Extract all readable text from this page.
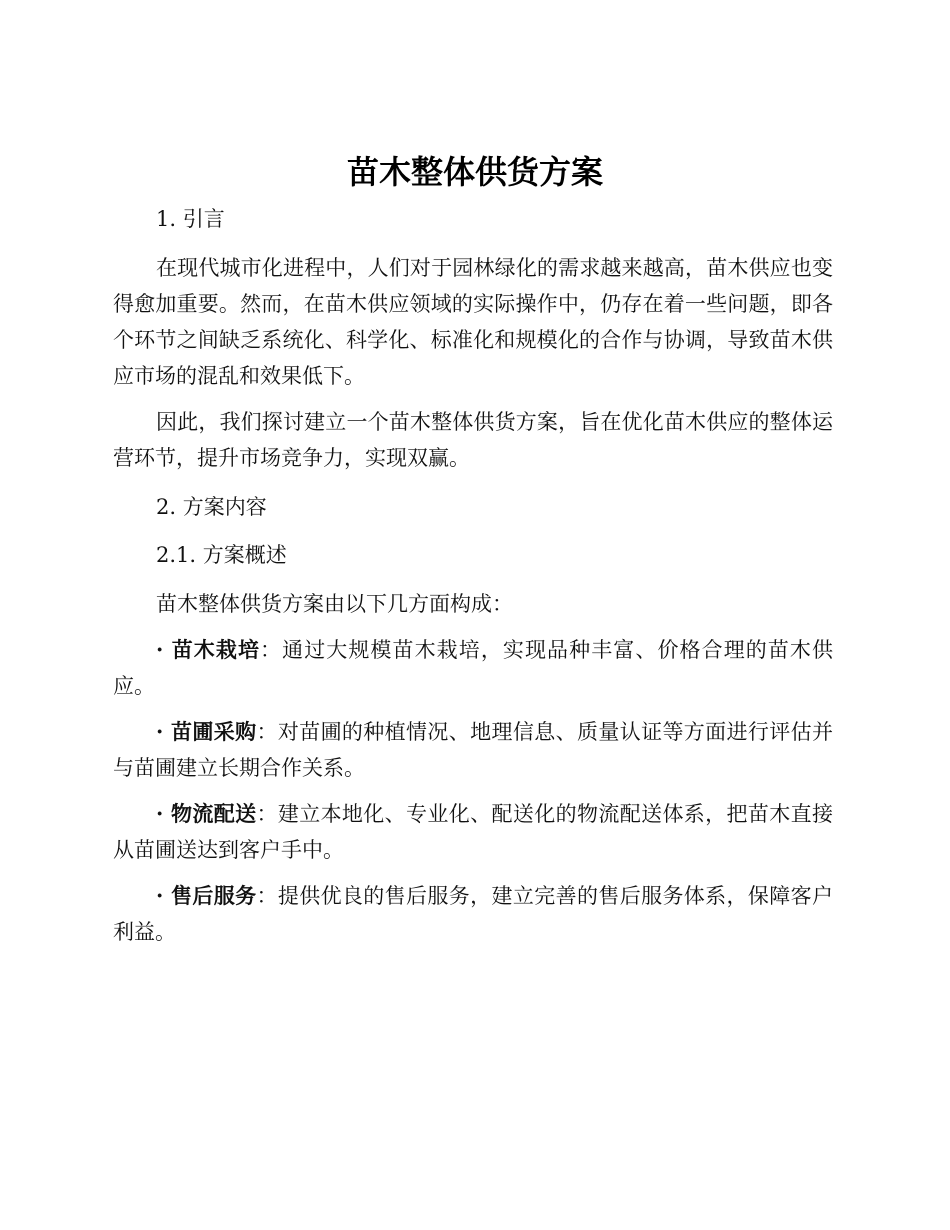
苗木整体供货方案

1. 引言

在现代城市化进程中，人们对于园林绿化的需求越来越高，苗木供应也变得愈加重要。然而，在苗木供应领域的实际操作中，仍存在着一些问题，即各个环节之间缺乏系统化、科学化、标准化和规模化的合作与协调，导致苗木供应市场的混乱和效果低下。

因此，我们探讨建立一个苗木整体供货方案，旨在优化苗木供应的整体运营环节，提升市场竞争力，实现双赢。

2. 方案内容

2.1. 方案概述

苗木整体供货方案由以下几方面构成：

· 苗木栽培：通过大规模苗木栽培，实现品种丰富、价格合理的苗木供应。

· 苗圃采购：对苗圃的种植情况、地理信息、质量认证等方面进行评估并与苗圃建立长期合作关系。

· 物流配送：建立本地化、专业化、配送化的物流配送体系，把苗木直接从苗圃送达到客户手中。

· 售后服务：提供优良的售后服务，建立完善的售后服务体系，保障客户利益。
